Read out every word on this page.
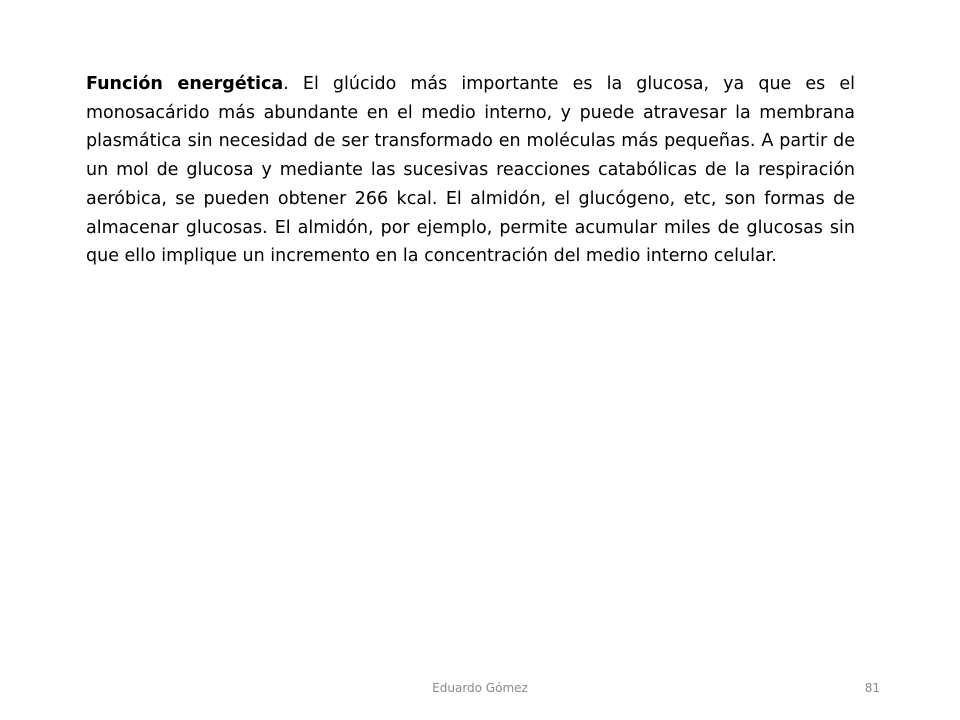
Función energética. El glúcido más importante es la glucosa, ya que es el monosacárido más abundante en el medio interno, y puede atravesar la membrana plasmática sin necesidad de ser transformado en moléculas más pequeñas. A partir de un mol de glucosa y mediante las sucesivas reacciones catabólicas de la respiración aeróbica, se pueden obtener 266 kcal. El almidón, el glucógeno, etc, son formas de almacenar glucosas. El almidón, por ejemplo, permite acumular miles de glucosas sin que ello implique un incremento en la concentración del medio interno celular.

Eduardo Gómez	81
